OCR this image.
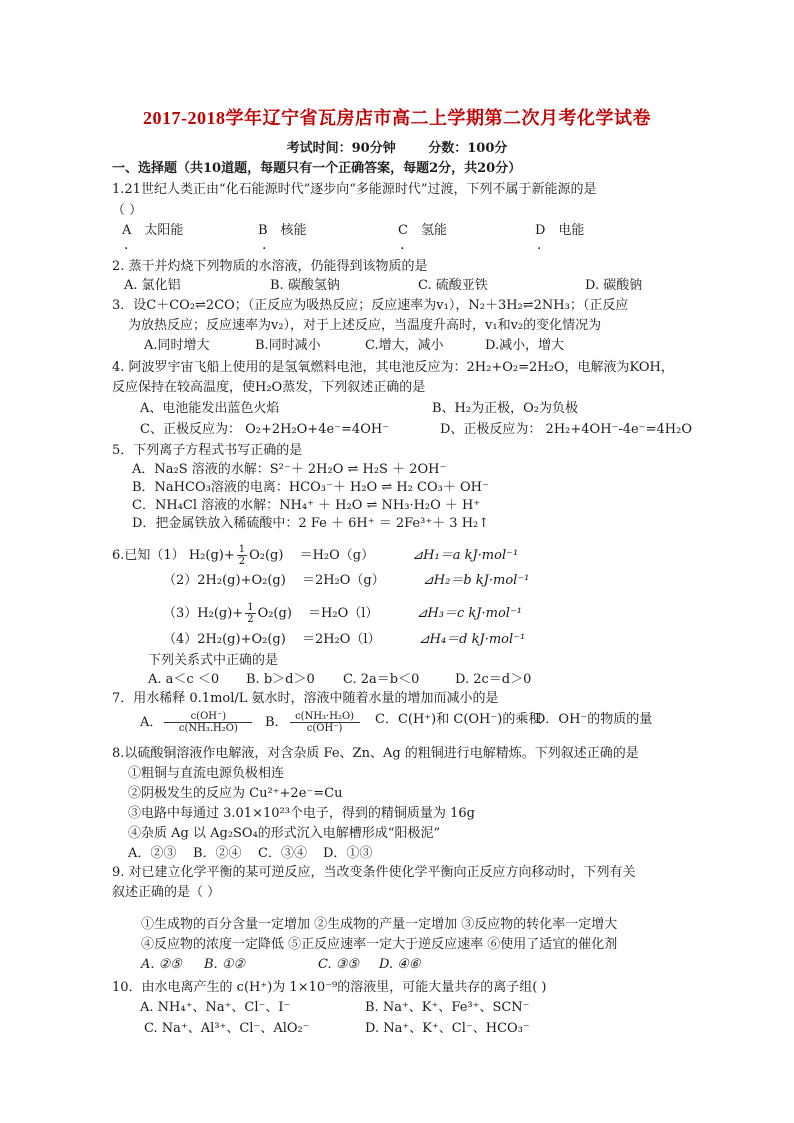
2017-2018学年辽宁省瓦房店市高二上学期第二次月考化学试卷
考试时间：90分钟	分数：100分
一、选择题（共10道题，每题只有一个正确答案，每题2分，共20分）
1.21世纪人类正由“化石能源时代”逐步向“多能源时代”过渡，下列不属于新能源的是
（ ）
A　太阳能	B　核能	C　氢能	D　电能
·	·	·	·
2. 蒸干并灼烧下列物质的水溶液，仍能得到该物质的是
A. 氯化铝	B. 碳酸氢钠	C. 硫酸亚铁	D. 碳酸钠
3．设C＋CO₂⇌2CO；（正反应为吸热反应；反应速率为v₁），N₂＋3H₂⇌2NH₃；（正反应
为放热反应；反应速率为v₂），对于上述反应，当温度升高时，v₁和v₂的变化情况为
A.同时增大	B.同时减小	C.增大，减小	D.减小，增大
4. 阿波罗宇宙飞船上使用的是氢氧燃料电池，其电池反应为：2H₂+O₂=2H₂O，电解液为KOH，
反应保持在较高温度，使H₂O蒸发，下列叙述正确的是
A、电池能发出蓝色火焰	B、H₂为正极，O₂为负极
C、正极反应为： O₂+2H₂O+4e⁻=4OH⁻	D、正极反应为： 2H₂+4OH⁻-4e⁻=4H₂O
5．下列离子方程式书写正确的是
A．Na₂S 溶液的水解：S²⁻＋ 2H₂O ⇌ H₂S ＋ 2OH⁻
B．NaHCO₃溶液的电离：HCO₃⁻＋ H₂O ⇌ H₂ CO₃＋ OH⁻
C．NH₄Cl 溶液的水解：NH₄⁺ ＋ H₂O ⇌ NH₃·H₂O ＋ H⁺
D．把金属铁放入稀硫酸中：2 Fe ＋ 6H⁺ ＝ 2Fe³⁺＋ 3 H₂↑
6.已知（1） $H_2(g)+ \frac{1}{2} O_2(g) =H_2O(g)$	⊿H₁＝a kJ·mol⁻¹
（2）2H₂(g)+O₂(g) ＝2H₂O（g）	⊿H₂＝b kJ·mol⁻¹
$(3)H_2(g)+ \frac{1}{2} O_2(g) =H_2O(l)$	⊿H₃＝c kJ·mol⁻¹
（4）2H₂(g)+O₂(g) ＝2H₂O（l）	⊿H₄＝d kJ·mol⁻¹
下列关系式中正确的是
A. a＜c ＜0 B. b＞d＞0 C. 2a＝b＜0	D. 2c＝d＞0
7．用水稀释 0.1mol/L 氨水时，溶液中随着水量的增加而减小的是
A． $\frac{c(OH^-)}{\text{c(NH₃.H₂O)}}$ B． $\frac{\text{c(NH₃·H₂O)}}{c(OH^-)}$ C．C(H⁺)和 C(OH⁻)的乘积
D．OH⁻的物质的量
8.以硫酸铜溶液作电解液，对含杂质 Fe、Zn、Ag 的粗铜进行电解精炼。下列叙述正确的是
①粗铜与直流电源负极相连
②阴极发生的反应为 Cu²⁺+2e⁻=Cu
③电路中每通过 3.01×10²³个电子，得到的精铜质量为 16g
④杂质 Ag 以 Ag₂SO₄的形式沉入电解槽形成“阳极泥”
A．②③ B．②④ C．③④ D．①③
9. 对已建立化学平衡的某可逆反应，当改变条件使化学平衡向正反应方向移动时，下列有关
叙述正确的是（ ）
①生成物的百分含量一定增加 ②生成物的产量一定增加 ③反应物的转化率一定增大
④反应物的浓度一定降低 ⑤正反应速率一定大于逆反应速率 ⑥使用了适宜的催化剂
A. ②⑤ B. ①②	C. ③⑤ D. ④⑥
10．由水电离产生的 c(H⁺)为 1×10⁻⁹的溶液里，可能大量共存的离子组( )
A. NH₄⁺、Na⁺、Cl⁻、I⁻	B. Na⁺、K⁺、Fe³⁺、SCN⁻
C. Na⁺、Al³⁺、Cl⁻、AlO₂⁻	D. Na⁺、K⁺、Cl⁻、HCO₃⁻
